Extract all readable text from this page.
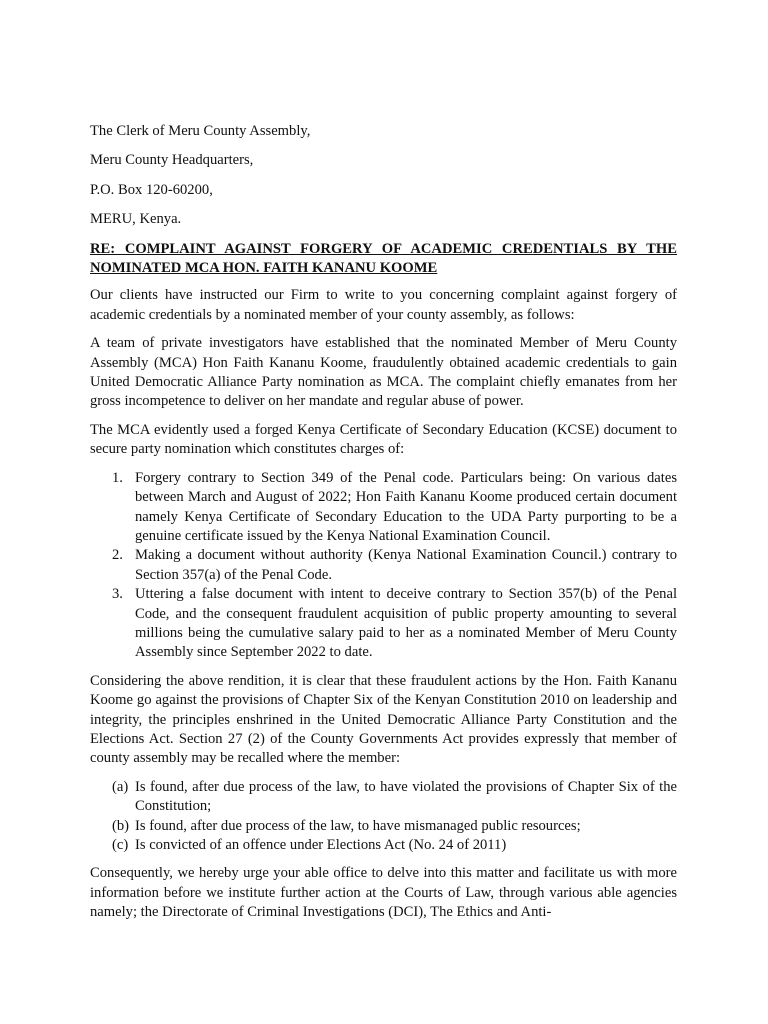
The Clerk of Meru County Assembly,

Meru County Headquarters,

P.O. Box 120-60200,

MERU, Kenya.

RE: COMPLAINT AGAINST FORGERY OF ACADEMIC CREDENTIALS BY THE NOMINATED MCA HON. FAITH KANANU KOOME

Our clients have instructed our Firm to write to you concerning complaint against forgery of academic credentials by a nominated member of your county assembly, as follows:

A team of private investigators have established that the nominated Member of Meru County Assembly (MCA) Hon Faith Kananu Koome, fraudulently obtained academic credentials to gain United Democratic Alliance Party nomination as MCA. The complaint chiefly emanates from her gross incompetence to deliver on her mandate and regular abuse of power.

The MCA evidently used a forged Kenya Certificate of Secondary Education (KCSE) document to secure party nomination which constitutes charges of:

1. Forgery contrary to Section 349 of the Penal code. Particulars being: On various dates between March and August of 2022; Hon Faith Kananu Koome produced certain document namely Kenya Certificate of Secondary Education to the UDA Party purporting to be a genuine certificate issued by the Kenya National Examination Council.
2. Making a document without authority (Kenya National Examination Council.) contrary to Section 357(a) of the Penal Code.
3. Uttering a false document with intent to deceive contrary to Section 357(b) of the Penal Code, and the consequent fraudulent acquisition of public property amounting to several millions being the cumulative salary paid to her as a nominated Member of Meru County Assembly since September 2022 to date.

Considering the above rendition, it is clear that these fraudulent actions by the Hon. Faith Kananu Koome go against the provisions of Chapter Six of the Kenyan Constitution 2010 on leadership and integrity, the principles enshrined in the United Democratic Alliance Party Constitution and the Elections Act. Section 27 (2) of the County Governments Act provides expressly that member of county assembly may be recalled where the member:

(a) Is found, after due process of the law, to have violated the provisions of Chapter Six of the Constitution;
(b) Is found, after due process of the law, to have mismanaged public resources;
(c) Is convicted of an offence under Elections Act (No. 24 of 2011)

Consequently, we hereby urge your able office to delve into this matter and facilitate us with more information before we institute further action at the Courts of Law, through various able agencies namely; the Directorate of Criminal Investigations (DCI), The Ethics and Anti-
